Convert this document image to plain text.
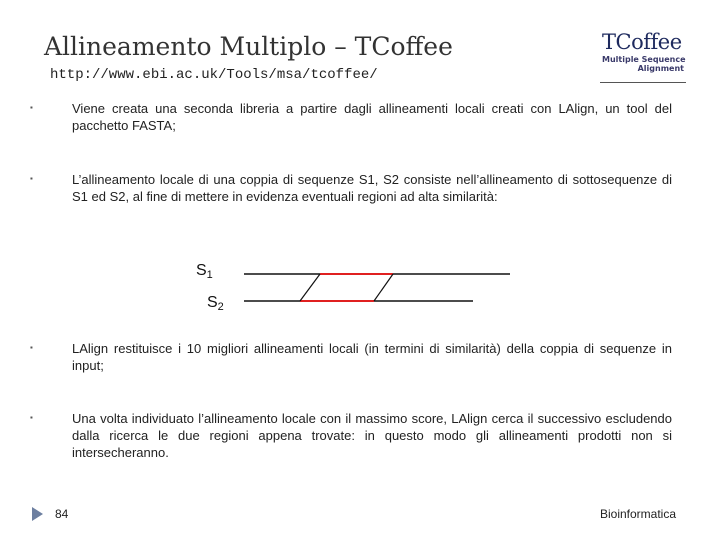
Allineamento Multiplo – TCoffee
http://www.ebi.ac.uk/Tools/msa/tcoffee/
TCoffee
Multiple Sequence
Alignment
▪	Viene creata una seconda libreria a partire dagli allineamenti locali creati con LAlign, un tool del pacchetto FASTA;
▪	L’allineamento locale di una coppia di sequenze S1, S2 consiste nell’allineamento di sottosequenze di S1 ed S2, al fine di mettere in evidenza eventuali regioni ad alta similarità:
$S_1$
$S_2$
▪	LAlign restituisce i 10 migliori allineamenti locali (in termini di similarità) della coppia di sequenze in input;
▪	Una volta individuato l’allineamento locale con il massimo score, LAlign cerca il successivo escludendo dalla ricerca le due regioni appena trovate: in questo modo gli allineamenti prodotti non si intersecheranno.
84	Bioinformatica
